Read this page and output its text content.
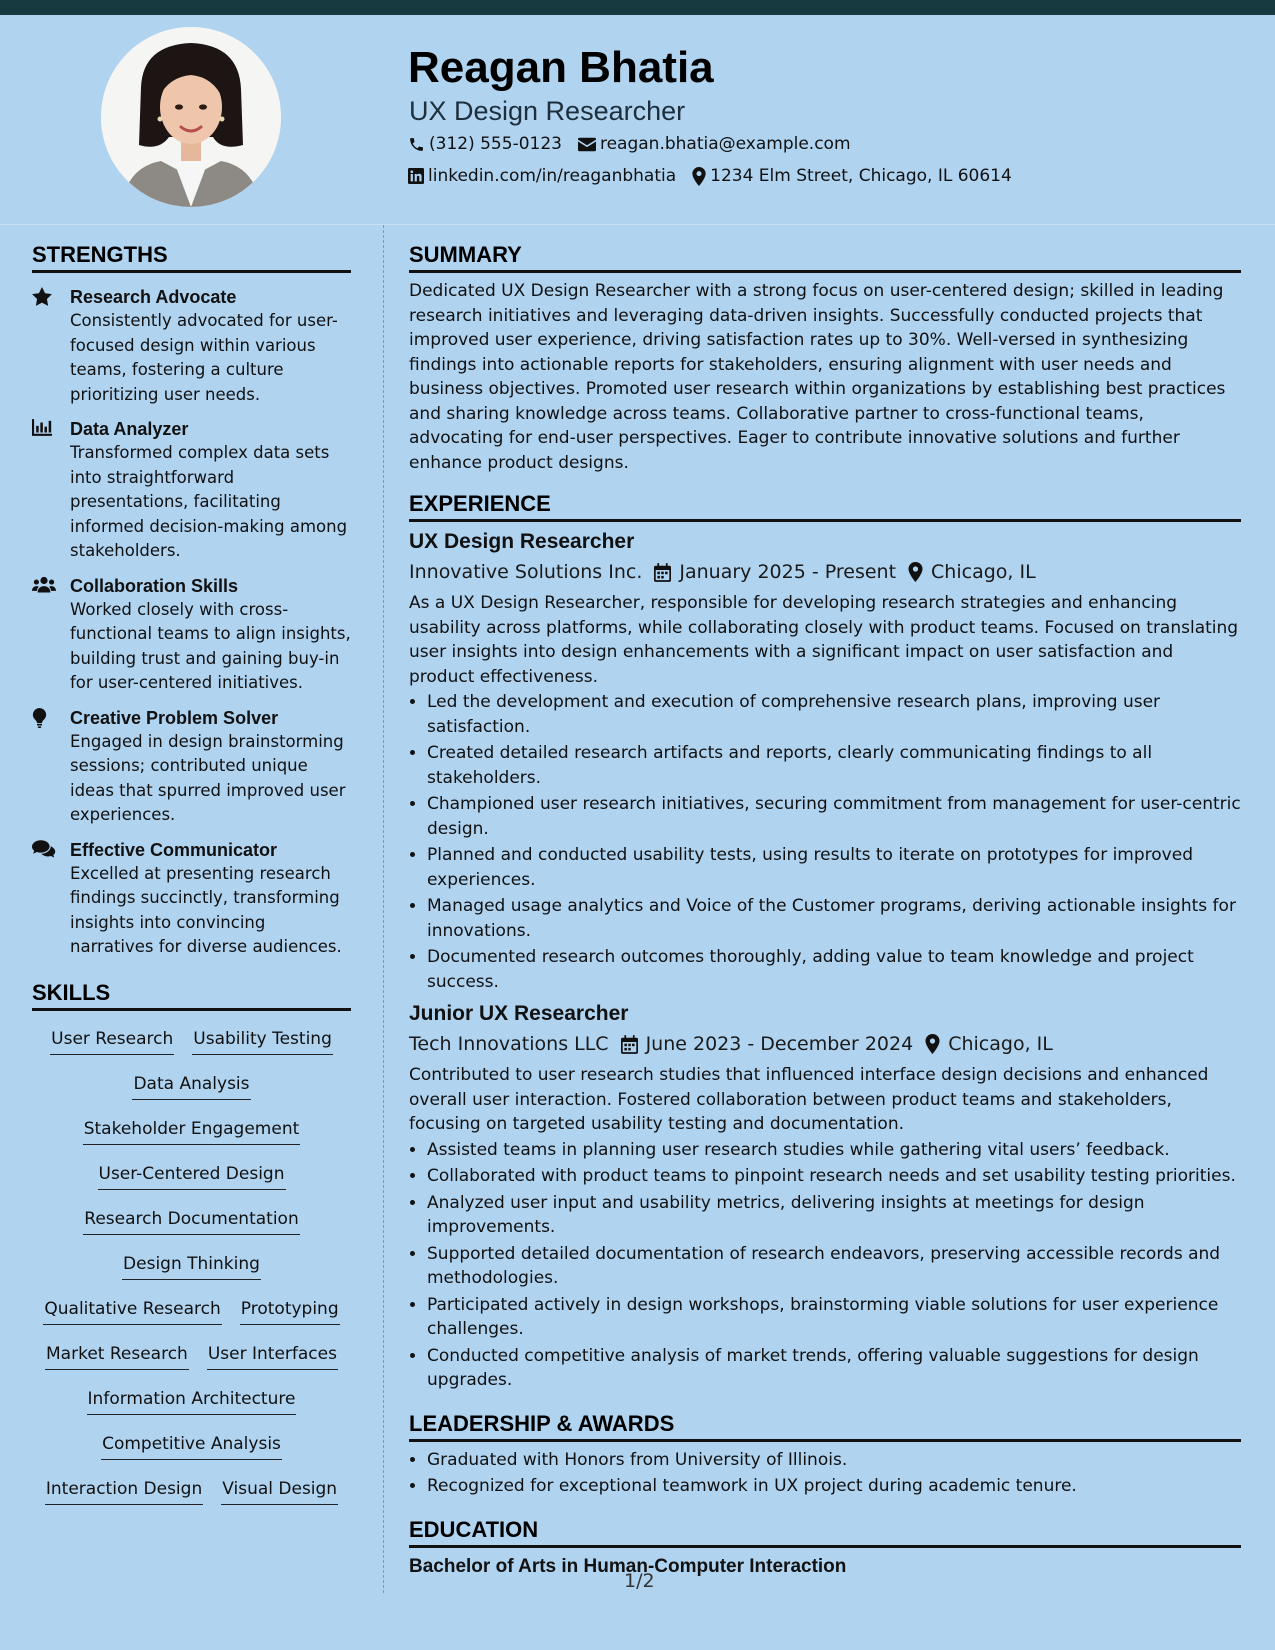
Reagan Bhatia
UX Design Researcher
(312) 555-0123 reagan.bhatia@example.com
linkedin.com/in/reaganbhatia 1234 Elm Street, Chicago, IL 60614
STRENGTHS
Research Advocate
Consistently advocated for user-focused design within various teams, fostering a culture prioritizing user needs.
Data Analyzer
Transformed complex data sets into straightforward presentations, facilitating informed decision-making among stakeholders.
Collaboration Skills
Worked closely with cross-functional teams to align insights, building trust and gaining buy-in for user-centered initiatives.
Creative Problem Solver
Engaged in design brainstorming sessions; contributed unique ideas that spurred improved user experiences.
Effective Communicator
Excelled at presenting research findings succinctly, transforming insights into convincing narratives for diverse audiences.
SKILLS
User Research Usability Testing
Data Analysis
Stakeholder Engagement
User-Centered Design
Research Documentation
Design Thinking
Qualitative Research Prototyping
Market Research User Interfaces
Information Architecture
Competitive Analysis
Interaction Design Visual Design
SUMMARY

Dedicated UX Design Researcher with a strong focus on user-centered design; skilled in leading research initiatives and leveraging data-driven insights. Successfully conducted projects that improved user experience, driving satisfaction rates up to 30%. Well-versed in synthesizing findings into actionable reports for stakeholders, ensuring alignment with user needs and business objectives. Promoted user research within organizations by establishing best practices and sharing knowledge across teams. Collaborative partner to cross-functional teams, advocating for end-user perspectives. Eager to contribute innovative solutions and further enhance product designs.

EXPERIENCE
UX Design Researcher
Innovative Solutions Inc. January 2025 - Present Chicago, IL

As a UX Design Researcher, responsible for developing research strategies and enhancing usability across platforms, while collaborating closely with product teams. Focused on translating user insights into design enhancements with a significant impact on user satisfaction and product effectiveness.

• Led the development and execution of comprehensive research plans, improving user satisfaction.
• Created detailed research artifacts and reports, clearly communicating findings to all stakeholders.
• Championed user research initiatives, securing commitment from management for user-centric design.
• Planned and conducted usability tests, using results to iterate on prototypes for improved experiences.
• Managed usage analytics and Voice of the Customer programs, deriving actionable insights for innovations.
• Documented research outcomes thoroughly, adding value to team knowledge and project success.
Junior UX Researcher
Tech Innovations LLC June 2023 - December 2024 Chicago, IL

Contributed to user research studies that influenced interface design decisions and enhanced overall user interaction. Fostered collaboration between product teams and stakeholders, focusing on targeted usability testing and documentation.

• Assisted teams in planning user research studies while gathering vital users’ feedback.
• Collaborated with product teams to pinpoint research needs and set usability testing priorities.
• Analyzed user input and usability metrics, delivering insights at meetings for design improvements.
• Supported detailed documentation of research endeavors, preserving accessible records and methodologies.
• Participated actively in design workshops, brainstorming viable solutions for user experience challenges.
• Conducted competitive analysis of market trends, offering valuable suggestions for design upgrades.
LEADERSHIP & AWARDS
• Graduated with Honors from University of Illinois.
• Recognized for exceptional teamwork in UX project during academic tenure.
EDUCATION
Bachelor of Arts in Human-Computer Interaction
1/2
